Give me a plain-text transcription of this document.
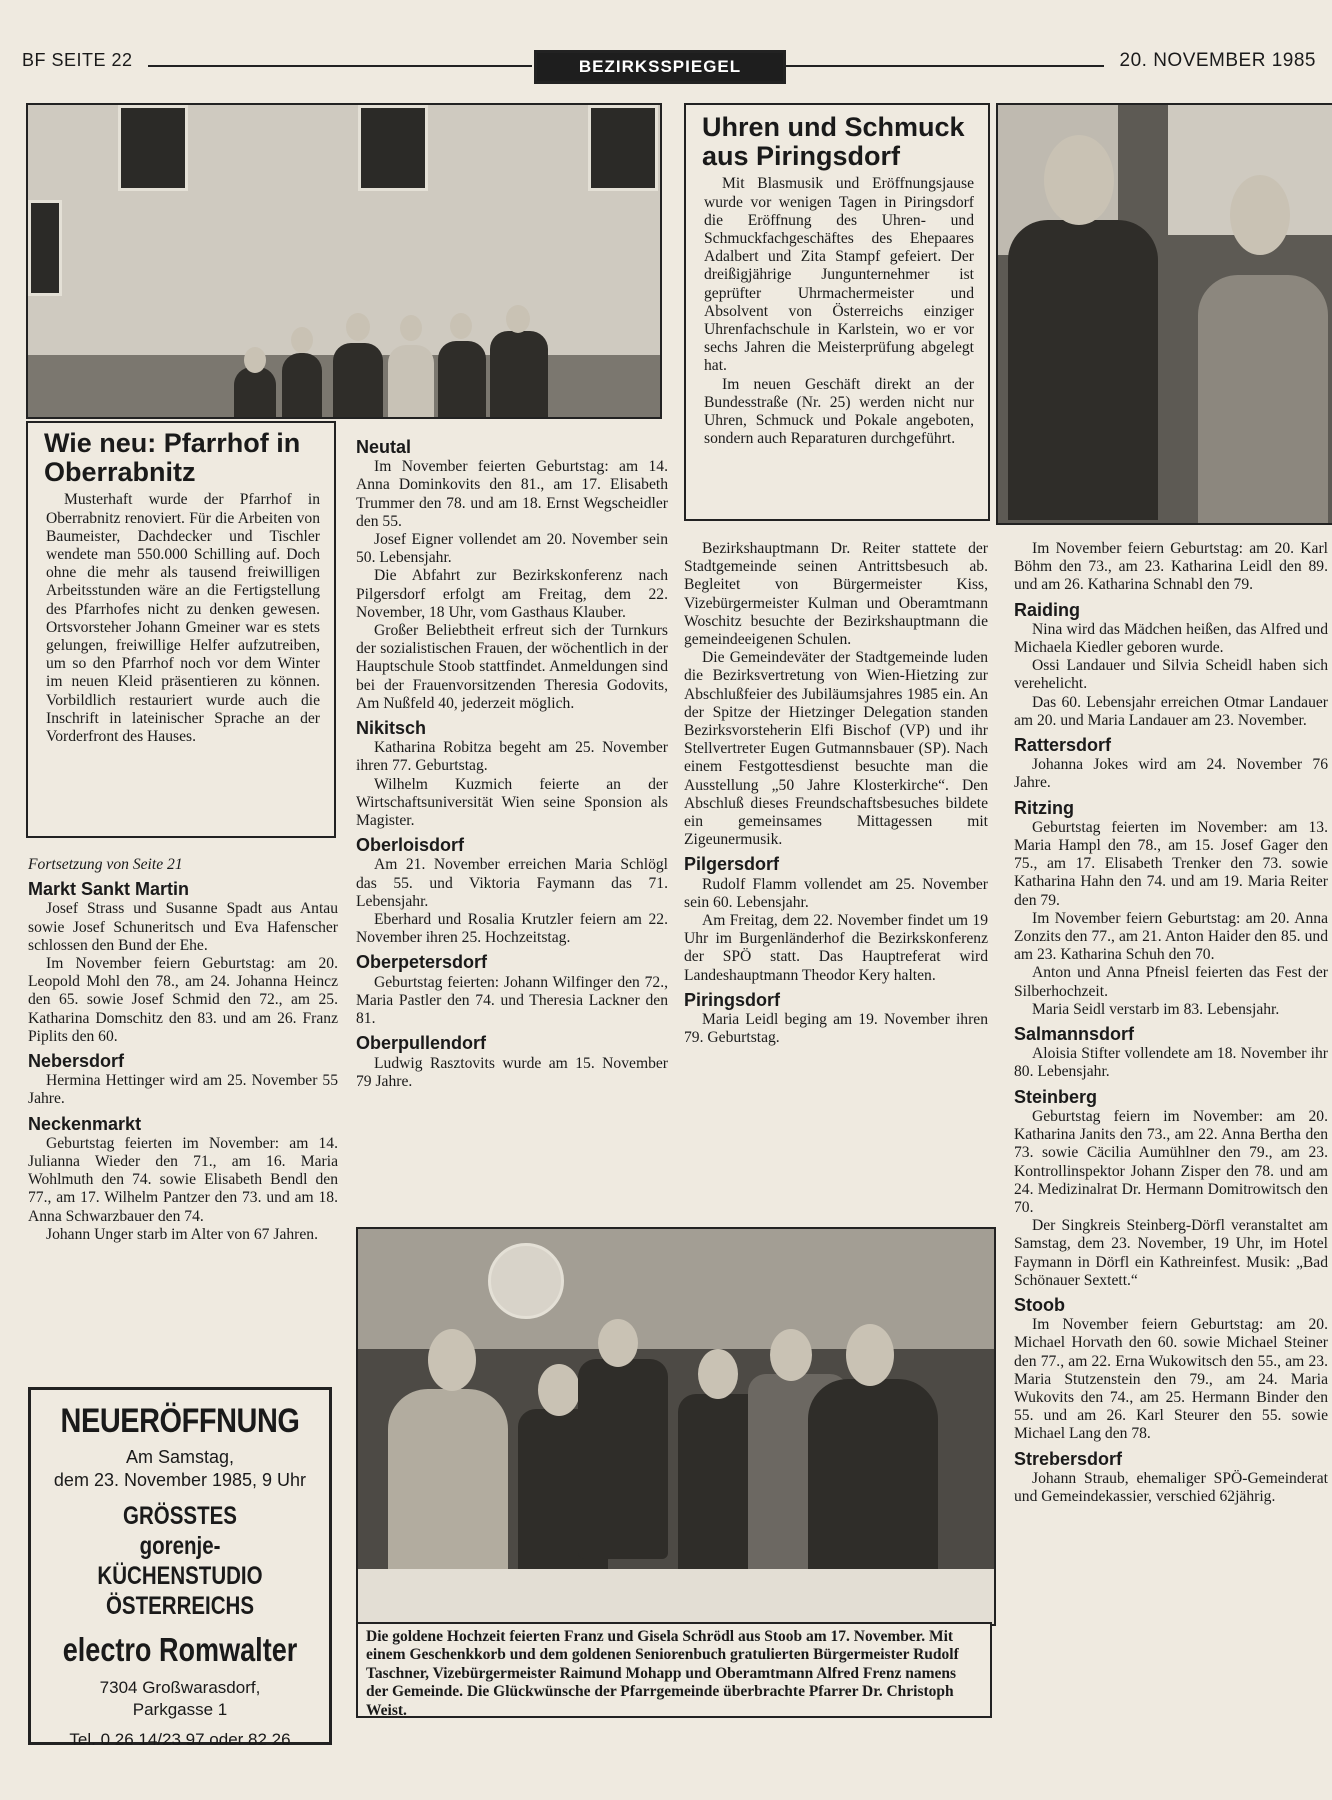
BF SEITE 22	BEZIRKSSPIEGEL	20. NOVEMBER 1985
Wie neu: Pfarrhof in Oberrabnitz

Musterhaft wurde der Pfarrhof in Oberrabnitz renoviert. Für die Arbeiten von Baumeister, Dachdecker und Tischler wendete man 550.000 Schilling auf. Doch ohne die mehr als tausend freiwilligen Arbeitsstunden wäre an die Fertigstellung des Pfarrhofes nicht zu denken gewesen. Ortsvorsteher Johann Gmeiner war es stets gelungen, freiwillige Helfer aufzutreiben, um so den Pfarrhof noch vor dem Winter im neuen Kleid präsentieren zu können. Vorbildlich restauriert wurde auch die Inschrift in lateinischer Sprache an der Vorderfront des Hauses.

Uhren und Schmuck aus Piringsdorf

Mit Blasmusik und Eröffnungsjause wurde vor wenigen Tagen in Piringsdorf die Eröffnung des Uhren- und Schmuckfachgeschäftes des Ehepaares Adalbert und Zita Stampf gefeiert. Der dreißigjährige Jungunternehmer ist geprüfter Uhrmachermeister und Absolvent von Österreichs einziger Uhrenfachschule in Karlstein, wo er vor sechs Jahren die Meisterprüfung abgelegt hat.

Im neuen Geschäft direkt an der Bundesstraße (Nr. 25) werden nicht nur Uhren, Schmuck und Pokale angeboten, sondern auch Reparaturen durchgeführt.

Fortsetzung von Seite 21
Markt Sankt Martin

Josef Strass und Susanne Spadt aus Antau sowie Josef Schuneritsch und Eva Hafenscher schlossen den Bund der Ehe.

Im November feiern Geburtstag: am 20. Leopold Mohl den 78., am 24. Johanna Heincz den 65. sowie Josef Schmid den 72., am 25. Katharina Domschitz den 83. und am 26. Franz Piplits den 60.

Nebersdorf

Hermina Hettinger wird am 25. November 55 Jahre.

Neckenmarkt

Geburtstag feierten im November: am 14. Julianna Wieder den 71., am 16. Maria Wohlmuth den 74. sowie Elisabeth Bendl den 77., am 17. Wilhelm Pantzer den 73. und am 18. Anna Schwarzbauer den 74.

Johann Unger starb im Alter von 67 Jahren.

Neutal

Im November feierten Geburtstag: am 14. Anna Dominkovits den 81., am 17. Elisabeth Trummer den 78. und am 18. Ernst Wegscheidler den 55.

Josef Eigner vollendet am 20. November sein 50. Lebensjahr.

Die Abfahrt zur Bezirkskonferenz nach Pilgersdorf erfolgt am Freitag, dem 22. November, 18 Uhr, vom Gasthaus Klauber.

Großer Beliebtheit erfreut sich der Turnkurs der sozialistischen Frauen, der wöchentlich in der Hauptschule Stoob stattfindet. Anmeldungen sind bei der Frauenvorsitzenden Theresia Godovits, Am Nußfeld 40, jederzeit möglich.

Nikitsch

Katharina Robitza begeht am 25. November ihren 77. Geburtstag.

Wilhelm Kuzmich feierte an der Wirtschaftsuniversität Wien seine Sponsion als Magister.

Oberloisdorf

Am 21. November erreichen Maria Schlögl das 55. und Viktoria Faymann das 71. Lebensjahr.

Eberhard und Rosalia Krutzler feiern am 22. November ihren 25. Hochzeitstag.

Oberpetersdorf

Geburtstag feierten: Johann Wilfinger den 72., Maria Pastler den 74. und Theresia Lackner den 81.

Oberpullendorf

Ludwig Rasztovits wurde am 15. November 79 Jahre.

Bezirkshauptmann Dr. Reiter stattete der Stadtgemeinde seinen Antrittsbesuch ab. Begleitet von Bürgermeister Kiss, Vizebürgermeister Kulman und Oberamtmann Woschitz besuchte der Bezirkshauptmann die gemeindeeigenen Schulen.

Die Gemeindeväter der Stadtgemeinde luden die Bezirksvertretung von Wien-Hietzing zur Abschlußfeier des Jubiläumsjahres 1985 ein. An der Spitze der Hietzinger Delegation standen Bezirksvorsteherin Elfi Bischof (VP) und ihr Stellvertreter Eugen Gutmannsbauer (SP). Nach einem Festgottesdienst besuchte man die Ausstellung „50 Jahre Klosterkirche“. Den Abschluß dieses Freundschaftsbesuches bildete ein gemeinsames Mittagessen mit Zigeunermusik.

Pilgersdorf

Rudolf Flamm vollendet am 25. November sein 60. Lebensjahr.

Am Freitag, dem 22. November findet um 19 Uhr im Burgenländerhof die Bezirkskonferenz der SPÖ statt. Das Hauptreferat wird Landeshauptmann Theodor Kery halten.

Piringsdorf

Maria Leidl beging am 19. November ihren 79. Geburtstag.

Im November feiern Geburtstag: am 20. Karl Böhm den 73., am 23. Katharina Leidl den 89. und am 26. Katharina Schnabl den 79.

Raiding

Nina wird das Mädchen heißen, das Alfred und Michaela Kiedler geboren wurde.

Ossi Landauer und Silvia Scheidl haben sich verehelicht.

Das 60. Lebensjahr erreichen Otmar Landauer am 20. und Maria Landauer am 23. November.

Rattersdorf

Johanna Jokes wird am 24. November 76 Jahre.

Ritzing

Geburtstag feierten im November: am 13. Maria Hampl den 78., am 15. Josef Gager den 75., am 17. Elisabeth Trenker den 73. sowie Katharina Hahn den 74. und am 19. Maria Reiter den 79.

Im November feiern Geburtstag: am 20. Anna Zonzits den 77., am 21. Anton Haider den 85. und am 23. Katharina Schuh den 70.

Anton und Anna Pfneisl feierten das Fest der Silberhochzeit.

Maria Seidl verstarb im 83. Lebensjahr.

Salmannsdorf

Aloisia Stifter vollendete am 18. November ihr 80. Lebensjahr.

Steinberg

Geburtstag feiern im November: am 20. Katharina Janits den 73., am 22. Anna Bertha den 73. sowie Cäcilia Aumühlner den 79., am 23. Kontrollinspektor Johann Zisper den 78. und am 24. Medizinalrat Dr. Hermann Domitrowitsch den 70.

Der Singkreis Steinberg-Dörfl veranstaltet am Samstag, dem 23. November, 19 Uhr, im Hotel Faymann in Dörfl ein Kathreinfest. Musik: „Bad Schönauer Sextett.“

Stoob

Im November feiern Geburtstag: am 20. Michael Horvath den 60. sowie Michael Steiner den 77., am 22. Erna Wukowitsch den 55., am 23. Maria Stutzenstein den 79., am 24. Maria Wukovits den 74., am 25. Hermann Binder den 55. und am 26. Karl Steurer den 55. sowie Michael Lang den 78.

Strebersdorf

Johann Straub, ehemaliger SPÖ-Gemeinderat und Gemeindekassier, verschied 62jährig.

NEUERÖFFNUNG
Am Samstag,
dem 23. November 1985, 9 Uhr
GRÖSSTES
gorenje-KÜCHENSTUDIO
ÖSTERREICHS
electro Romwalter
7304 Großwarasdorf,
Parkgasse 1
Tel. 0 26 14/23 97 oder 82 26
Die goldene Hochzeit feierten Franz und Gisela Schrödl aus Stoob am 17. November. Mit einem Geschenkkorb und dem goldenen Seniorenbuch gratulierten Bürgermeister Rudolf Taschner, Vizebürgermeister Raimund Mohapp und Oberamtmann Alfred Frenz namens der Gemeinde. Die Glückwünsche der Pfarrgemeinde überbrachte Pfarrer Dr. Christoph Weist.
